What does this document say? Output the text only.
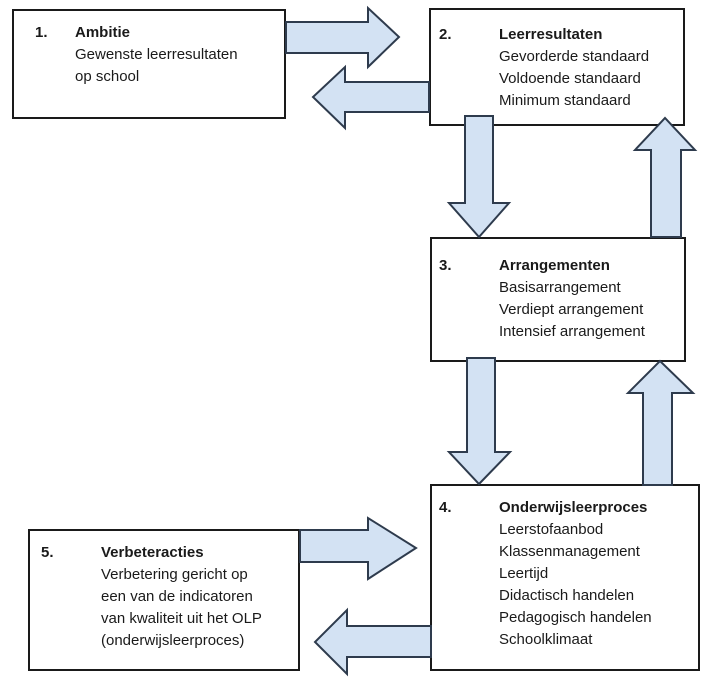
1.	Ambitie
Gewenste leerresultaten
op school
2.	Leerresultaten
Gevorderde standaard
Voldoende standaard
Minimum standaard
3.	Arrangementen
Basisarrangement
Verdiept arrangement
Intensief arrangement
4.	Onderwijsleerproces
Leerstofaanbod
Klassenmanagement
Leertijd
Didactisch handelen
Pedagogisch handelen
Schoolklimaat
5.	Verbeteracties
Verbetering gericht op
een van de indicatoren
van kwaliteit uit het OLP
(onderwijsleerproces)
